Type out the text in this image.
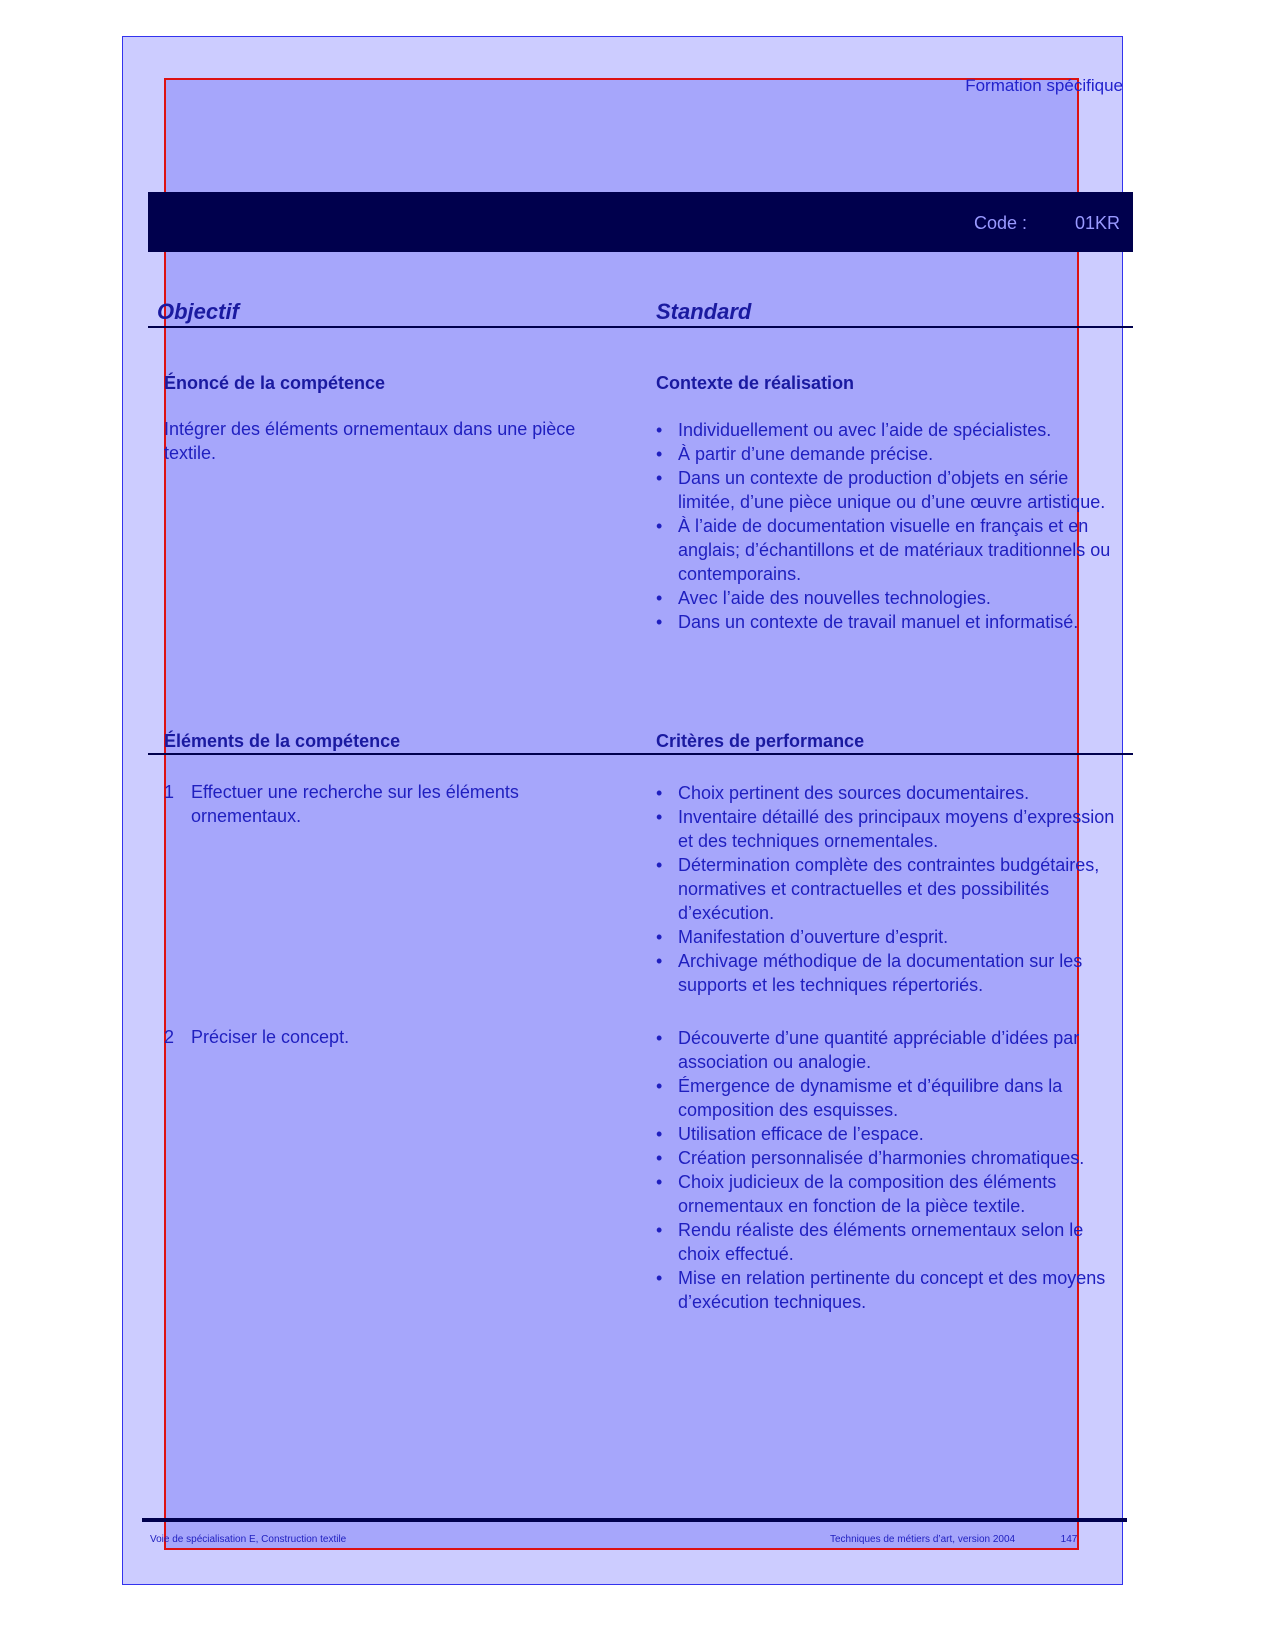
Formation spécifique
Code :	01KR
Objectif	Standard
Énoncé de la compétence	Contexte de réalisation
Intégrer des éléments ornementaux dans une pièce textile.
• Individuellement ou avec l’aide de spécialistes.
• À partir d’une demande précise.
• Dans un contexte de production d’objets en série limitée, d’une pièce unique ou d’une œuvre artistique.
• À l’aide de documentation visuelle en français et en anglais; d’échantillons et de matériaux traditionnels ou contemporains.
• Avec l’aide des nouvelles technologies.
• Dans un contexte de travail manuel et informatisé.
Éléments de la compétence	Critères de performance
1 Effectuer une recherche sur les éléments ornementaux.
• Choix pertinent des sources documentaires.
• Inventaire détaillé des principaux moyens d’expression et des techniques ornementales.
• Détermination complète des contraintes budgétaires, normatives et contractuelles et des possibilités d’exécution.
• Manifestation d’ouverture d’esprit.
• Archivage méthodique de la documentation sur les supports et les techniques répertoriés.
2 Préciser le concept.
•	Découverte d’une quantité appréciable d’idées par association ou analogie.
• Émergence de dynamisme et d’équilibre dans la composition des esquisses.
• Utilisation efficace de l’espace.
• Création personnalisée d’harmonies chromatiques.
• Choix judicieux de la composition des éléments ornementaux en fonction de la pièce textile.
• Rendu réaliste des éléments ornementaux selon le choix effectué.
• Mise en relation pertinente du concept et des moyens d’exécution techniques.
Voie de spécialisation E, Construction textile	Techniques de métiers d’art, version 2004	147
